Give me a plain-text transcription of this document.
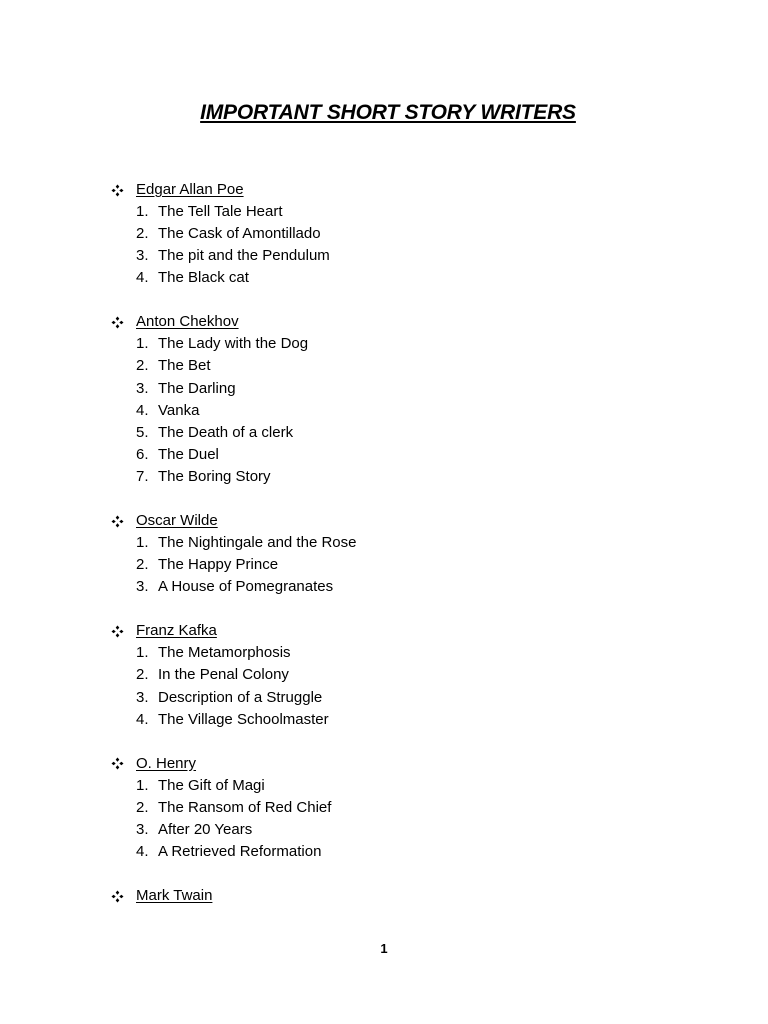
IMPORTANT SHORT STORY WRITERS
Edgar Allan Poe
1. The Tell Tale Heart
2. The Cask of Amontillado
3. The pit and the Pendulum
4. The Black cat
Anton Chekhov
1. The Lady with the Dog
2. The Bet
3. The Darling
4. Vanka
5. The Death of a clerk
6. The Duel
7. The Boring Story
Oscar Wilde
1. The Nightingale and the Rose
2. The Happy Prince
3. A House of Pomegranates
Franz Kafka
1. The Metamorphosis
2. In the Penal Colony
3. Description of a Struggle
4. The Village Schoolmaster
O. Henry
1. The Gift of Magi
2. The Ransom of Red Chief
3. After 20 Years
4. A Retrieved Reformation
Mark Twain
1
